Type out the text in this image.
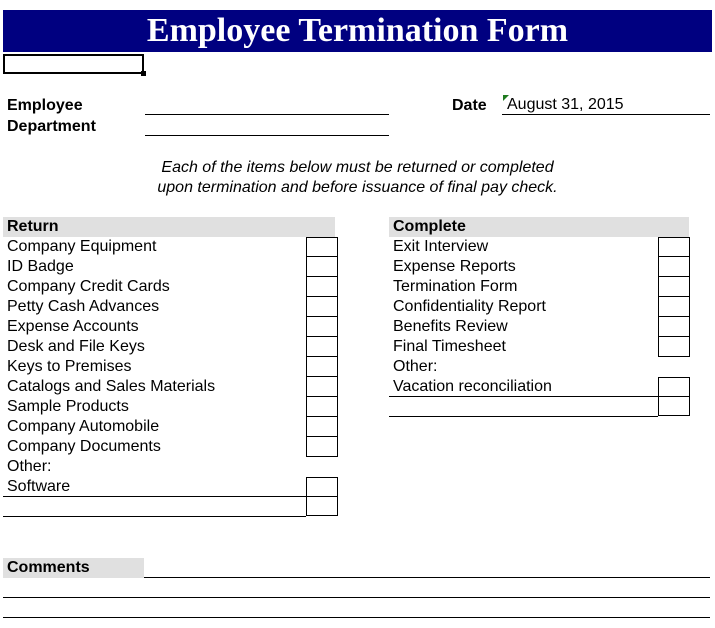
Employee Termination Form
Employee
Department
Date August 31, 2015
Each of the items below must be returned or completed
upon termination and before issuance of final pay check.
Return
Company Equipment
ID Badge
Company Credit Cards
Petty Cash Advances
Expense Accounts
Desk and File Keys
Keys to Premises
Catalogs and Sales Materials
Sample Products
Company Automobile
Company Documents
Other:
Software
Complete
Exit Interview
Expense Reports
Termination Form
Confidentiality Report
Benefits Review
Final Timesheet
Other:
Vacation reconciliation
Comments
